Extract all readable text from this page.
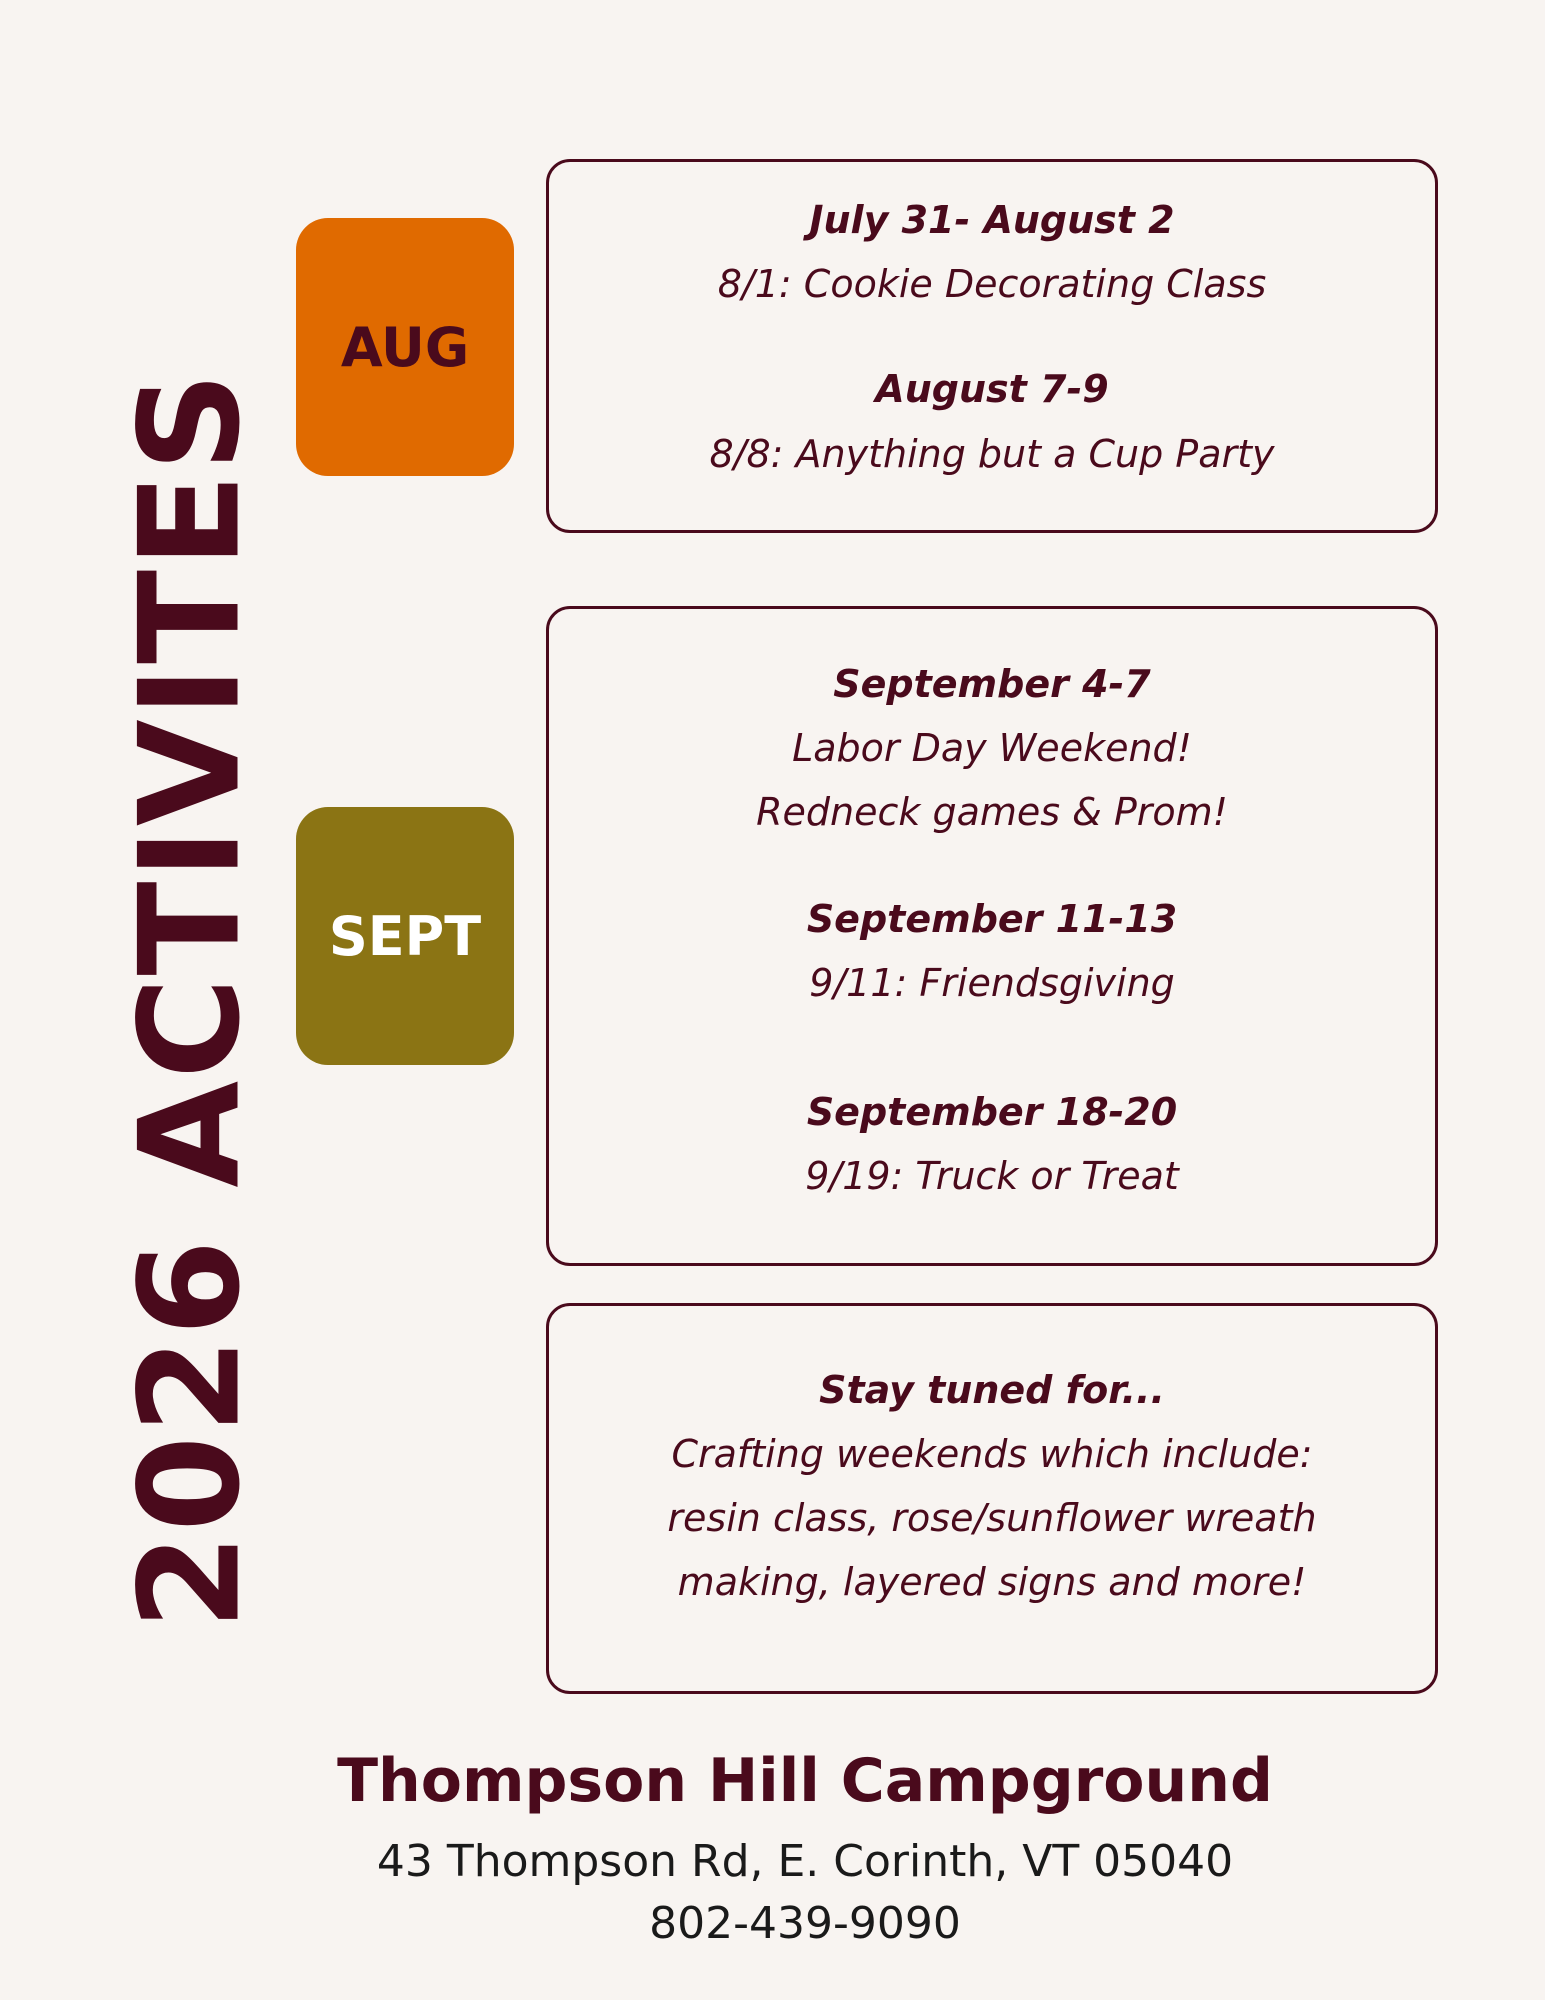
2026 ACTIVITES
AUG
SEPT
July 31- August 2
8/1: Cookie Decorating Class
August 7-9
8/8: Anything but a Cup Party
September 4-7
Labor Day Weekend!
Redneck games & Prom!
September 11-13
9/11: Friendsgiving
September 18-20
9/19: Truck or Treat
Stay tuned for...
Crafting weekends which include:
resin class, rose/sunflower wreath
making, layered signs and more!
Thompson Hill Campground
43 Thompson Rd, E. Corinth, VT 05040
802-439-9090
